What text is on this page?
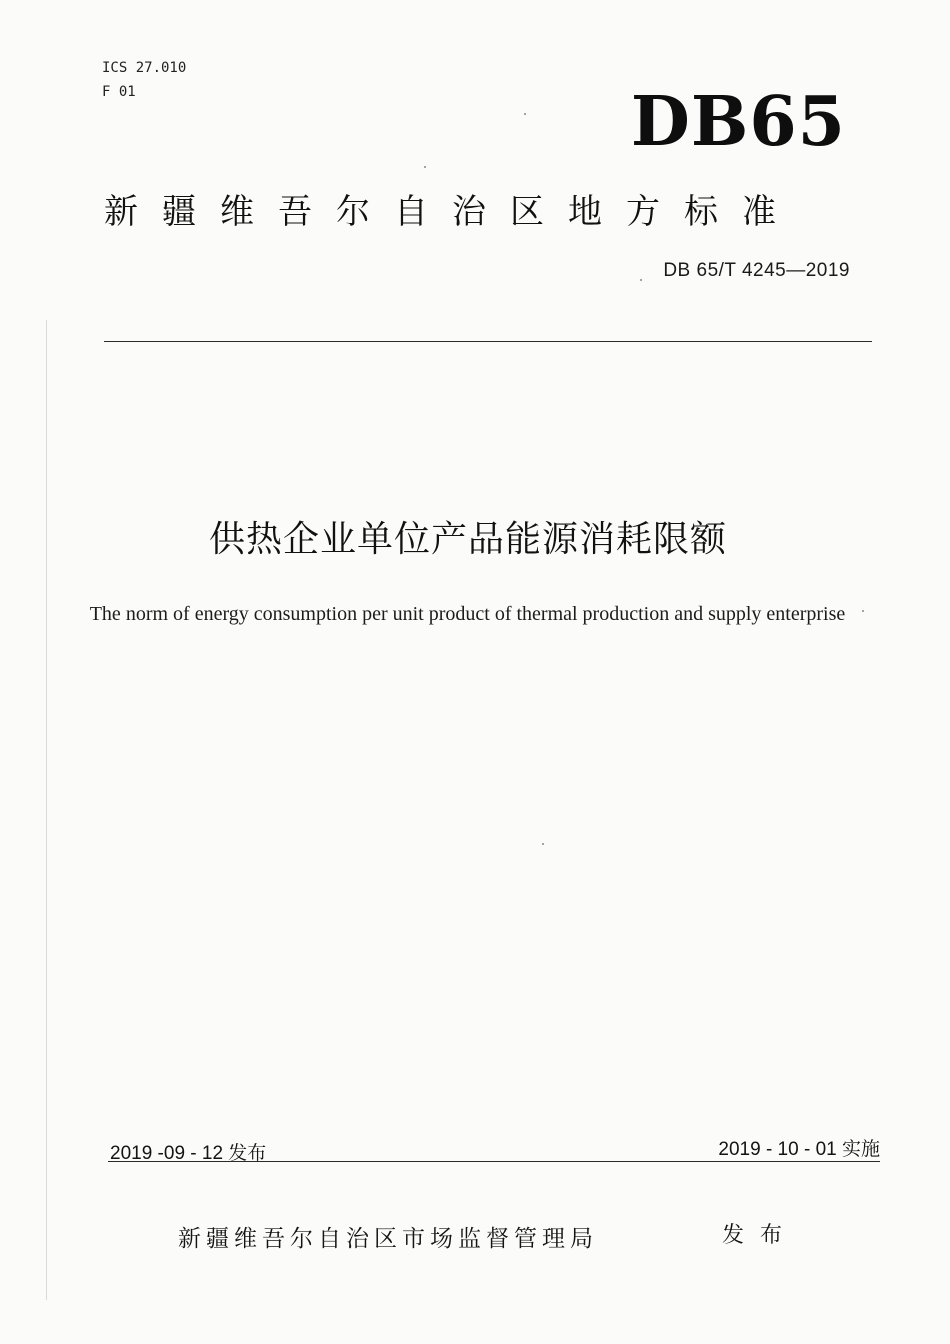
ICS 27.010
F 01	DB65
新疆维吾尔自治区地方标准
DB 65/T 4245—2019
供热企业单位产品能源消耗限额
The norm of energy consumption per unit product of thermal production and supply enterprise
2019 -09 - 12 发布	2019 - 10 - 01 实施
新疆维吾尔自治区市场监督管理局	发布
